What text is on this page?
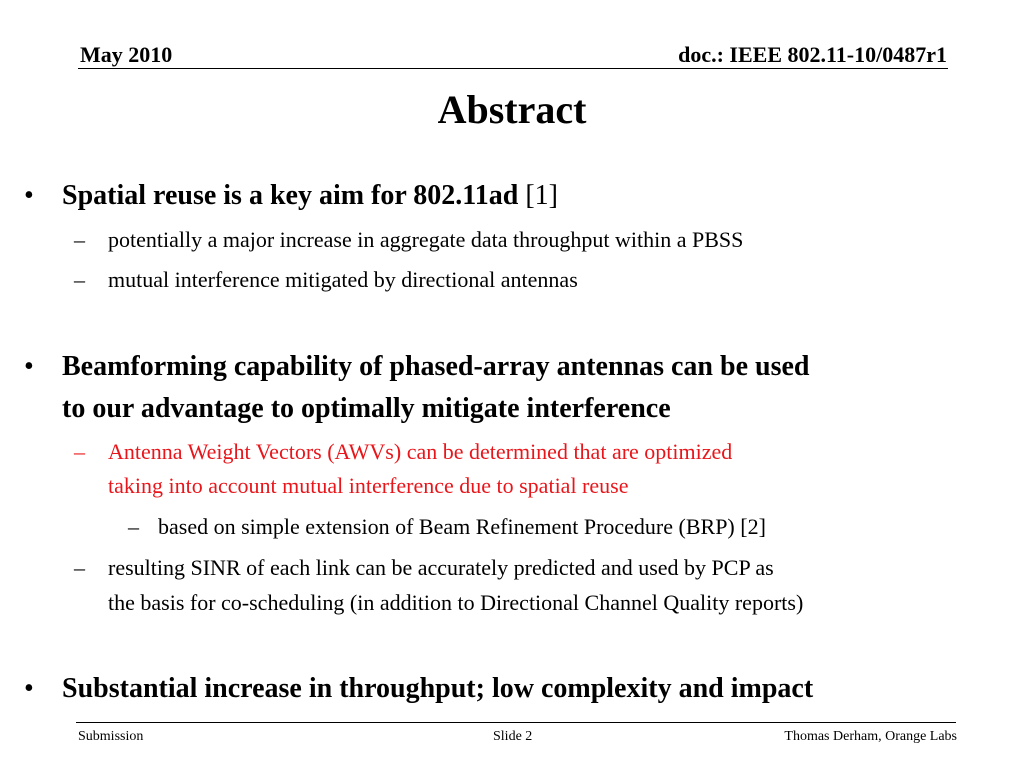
May 2010	doc.: IEEE 802.11-10/0487r1
Abstract
• Spatial reuse is a key aim for 802.11ad [1]
– potentially a major increase in aggregate data throughput within a PBSS
– mutual interference mitigated by directional antennas
• Beamforming capability of phased-array antennas can be used
to our advantage to optimally mitigate interference
– Antenna Weight Vectors (AWVs) can be determined that are optimized
taking into account mutual interference due to spatial reuse
– based on simple extension of Beam Refinement Procedure (BRP) [2]
– resulting SINR of each link can be accurately predicted and used by PCP as
the basis for co-scheduling (in addition to Directional Channel Quality reports)
• Substantial increase in throughput; low complexity and impact
Submission	Slide 2	Thomas Derham, Orange Labs
